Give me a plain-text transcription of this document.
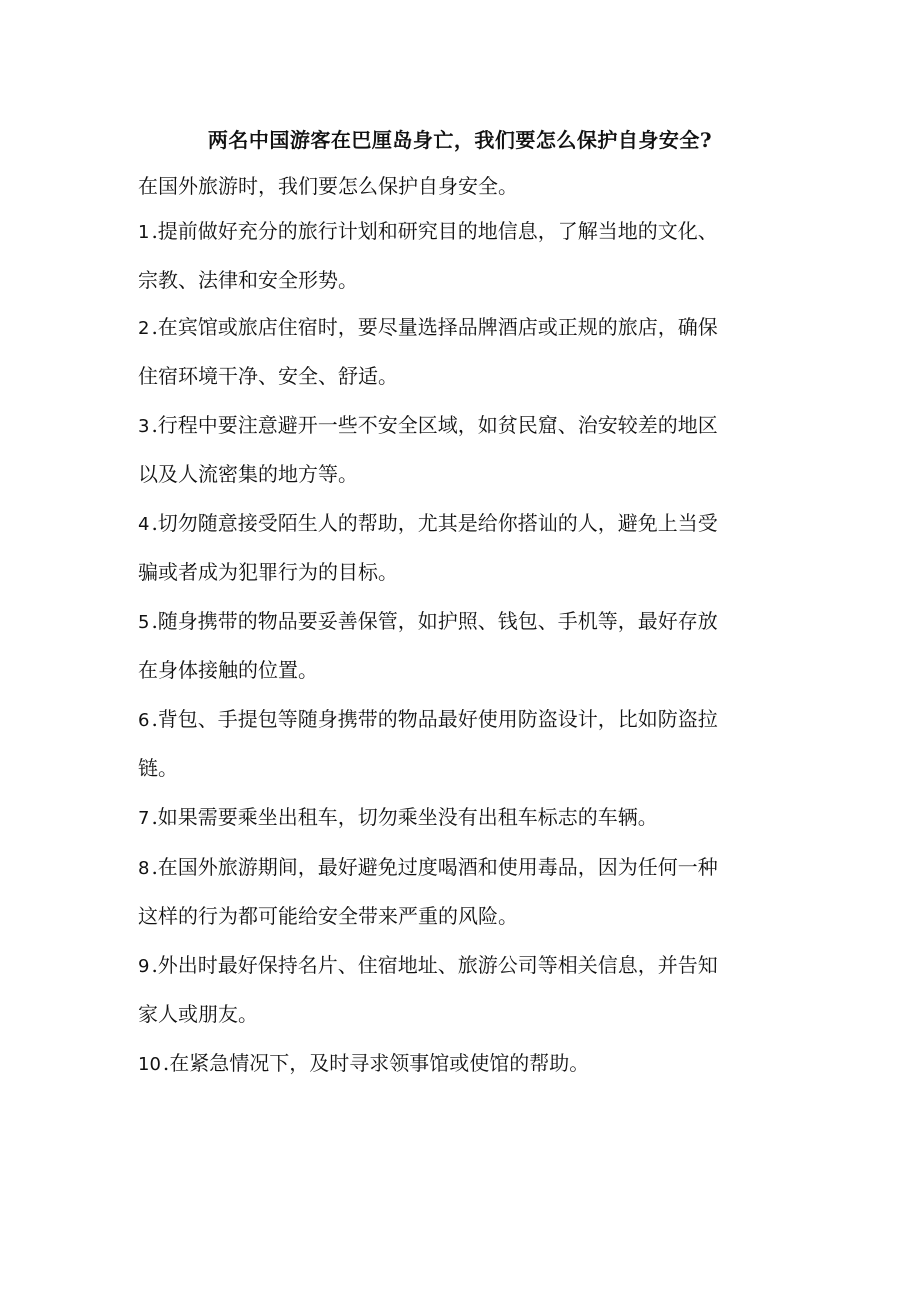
两名中国游客在巴厘岛身亡，我们要怎么保护自身安全?
在国外旅游时，我们要怎么保护自身安全。
1 .提前做好充分的旅行计划和研究目的地信息，了解当地的文化、
宗教、法律和安全形势。
2 .在宾馆或旅店住宿时，要尽量选择品牌酒店或正规的旅店，确保
住宿环境干净、安全、舒适。
3 .行程中要注意避开一些不安全区域，如贫民窟、治安较差的地区
以及人流密集的地方等。
4 .切勿随意接受陌生人的帮助，尤其是给你搭讪的人，避免上当受
骗或者成为犯罪行为的目标。
5 .随身携带的物品要妥善保管，如护照、钱包、手机等，最好存放
在身体接触的位置。
6 .背包、手提包等随身携带的物品最好使用防盗设计，比如防盗拉
链。
7 .如果需要乘坐出租车，切勿乘坐没有出租车标志的车辆。
8 .在国外旅游期间，最好避免过度喝酒和使用毒品，因为任何一种
这样的行为都可能给安全带来严重的风险。
9 .外出时最好保持名片、住宿地址、旅游公司等相关信息，并告知
家人或朋友。
10 .在紧急情况下，及时寻求领事馆或使馆的帮助。
